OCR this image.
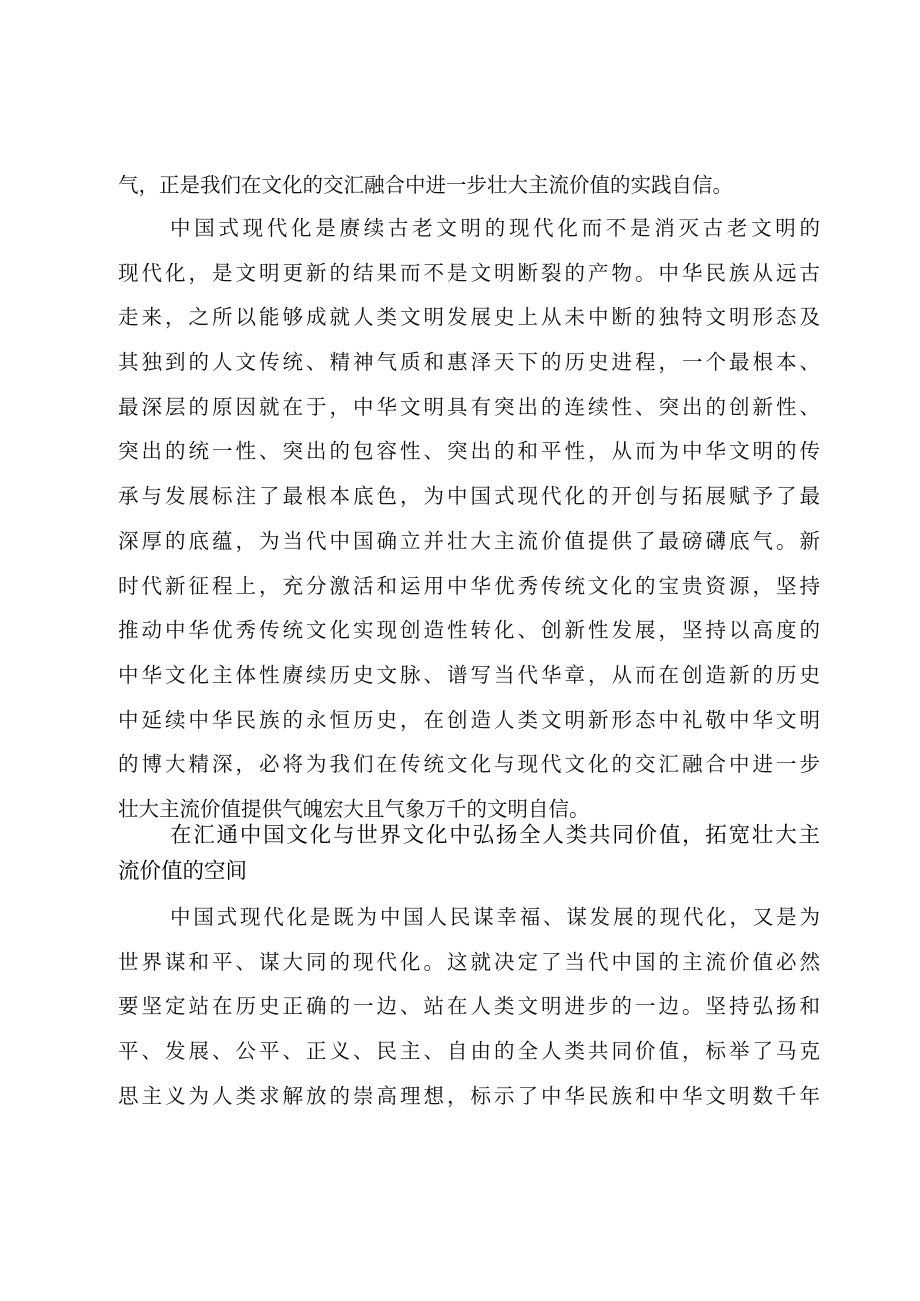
气，正是我们在文化的交汇融合中进一步壮大主流价值的实践自信。
中国式现代化是赓续古老文明的现代化而不是消灭古老文明的
现代化，是文明更新的结果而不是文明断裂的产物。中华民族从远古
走来，之所以能够成就人类文明发展史上从未中断的独特文明形态及
其独到的人文传统、精神气质和惠泽天下的历史进程，一个最根本、
最深层的原因就在于，中华文明具有突出的连续性、突出的创新性、
突出的统一性、突出的包容性、突出的和平性，从而为中华文明的传
承与发展标注了最根本底色，为中国式现代化的开创与拓展赋予了最
深厚的底蕴，为当代中国确立并壮大主流价值提供了最磅礴底气。新
时代新征程上，充分激活和运用中华优秀传统文化的宝贵资源，坚持
推动中华优秀传统文化实现创造性转化、创新性发展，坚持以高度的
中华文化主体性赓续历史文脉、谱写当代华章，从而在创造新的历史
中延续中华民族的永恒历史，在创造人类文明新形态中礼敬中华文明
的博大精深，必将为我们在传统文化与现代文化的交汇融合中进一步
壮大主流价值提供气魄宏大且气象万千的文明自信。
在汇通中国文化与世界文化中弘扬全人类共同价值，拓宽壮大主
流价值的空间
中国式现代化是既为中国人民谋幸福、谋发展的现代化，又是为
世界谋和平、谋大同的现代化。这就决定了当代中国的主流价值必然
要坚定站在历史正确的一边、站在人类文明进步的一边。坚持弘扬和
平、发展、公平、正义、民主、自由的全人类共同价值，标举了马克
思主义为人类求解放的崇高理想，标示了中华民族和中华文明数千年
